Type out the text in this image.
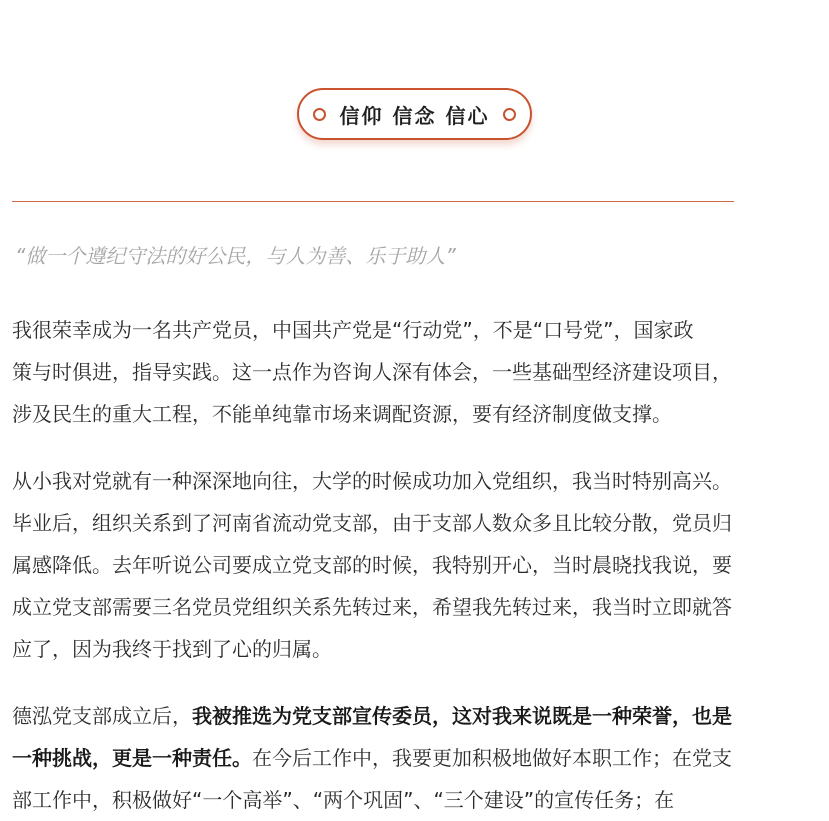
信仰 信念 信心
“做一个遵纪守法的好公民，与人为善、乐于助人”
我很荣幸成为一名共产党员，中国共产党是“行动党”，不是“口号党”，国家政
策与时俱进，指导实践。这一点作为咨询人深有体会，一些基础型经济建设项目，
涉及民生的重大工程，不能单纯靠市场来调配资源，要有经济制度做支撑。
从小我对党就有一种深深地向往，大学的时候成功加入党组织，我当时特别高兴。
毕业后，组织关系到了河南省流动党支部，由于支部人数众多且比较分散，党员归
属感降低。去年听说公司要成立党支部的时候，我特别开心，当时晨晓找我说，要
成立党支部需要三名党员党组织关系先转过来，希望我先转过来，我当时立即就答
应了，因为我终于找到了心的归属。
德泓党支部成立后，我被推选为党支部宣传委员，这对我来说既是一种荣誉，也是
一种挑战，更是一种责任。在今后工作中，我要更加积极地做好本职工作；在党支
部工作中，积极做好“一个高举”、“两个巩固”、“三个建设”的宣传任务；在
